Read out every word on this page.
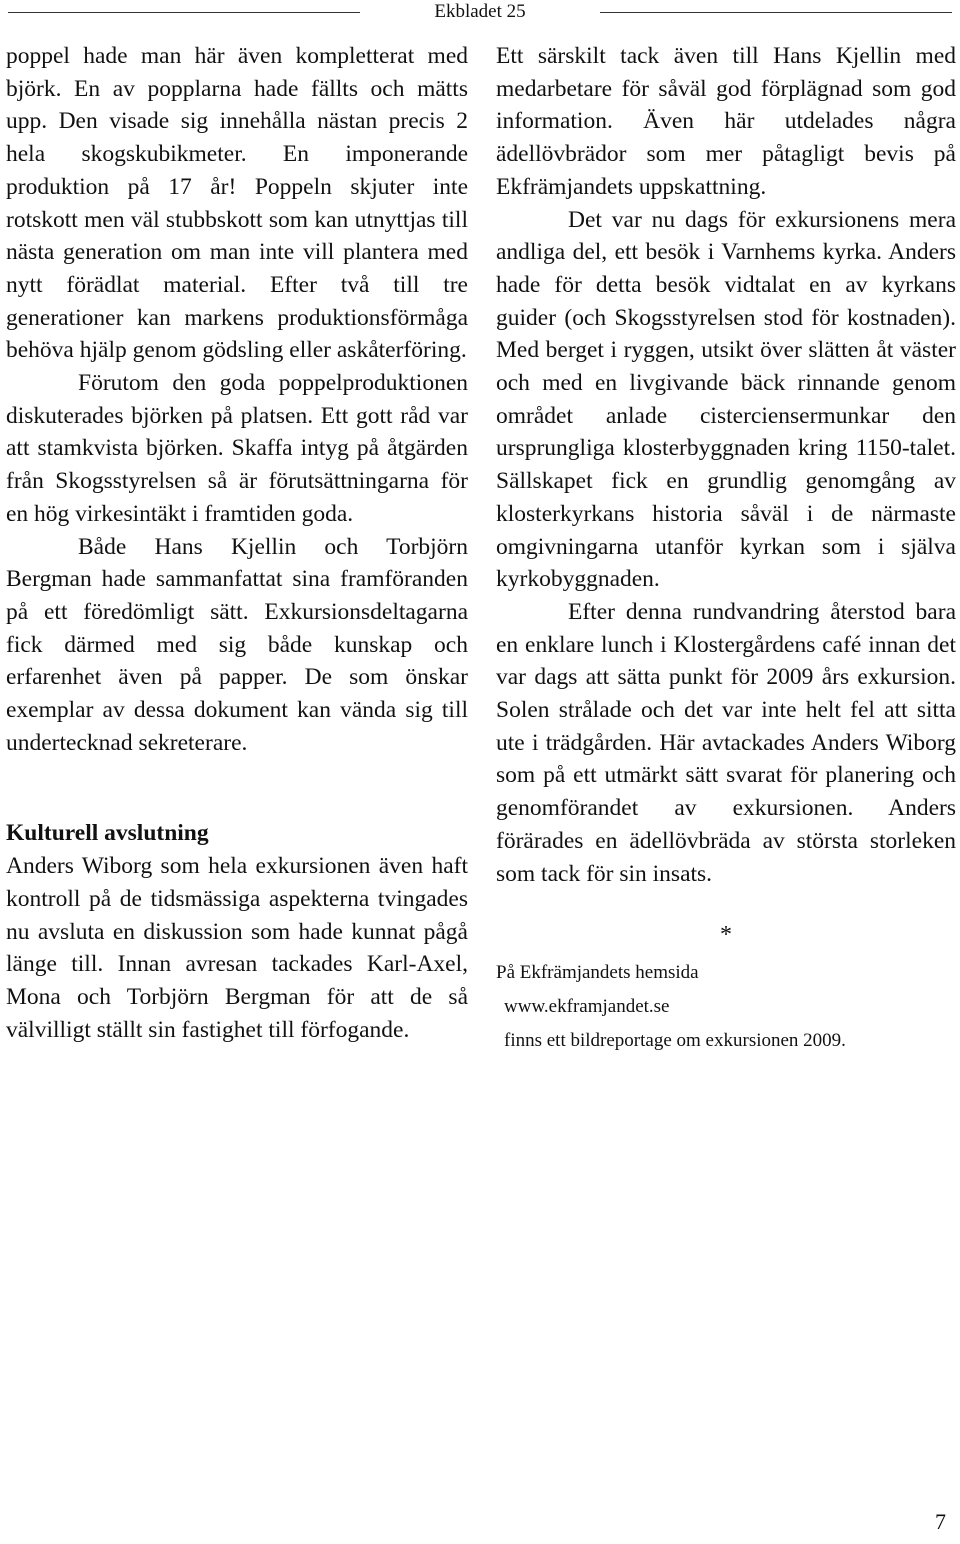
Ekbladet 25

poppel hade man här även kompletterat med björk. En av popplarna hade fällts och mätts upp. Den visade sig innehålla nästan precis 2 hela skogskubikmeter. En imponerande produktion på 17 år! Poppeln skjuter inte rotskott men väl stubbskott som kan utnyttjas till nästa generation om man inte vill plantera med nytt förädlat material. Efter två till tre generationer kan markens produktionsförmåga behöva hjälp genom gödsling eller askåterföring.

Förutom den goda poppelproduktionen diskuterades björken på platsen. Ett gott råd var att stamkvista björken. Skaffa intyg på åtgärden från Skogsstyrelsen så är förutsättningarna för en hög virkesintäkt i framtiden goda.

Både Hans Kjellin och Torbjörn Bergman hade sammanfattat sina framföranden på ett föredömligt sätt. Exkursionsdeltagarna fick därmed med sig både kunskap och erfarenhet även på papper. De som önskar exemplar av dessa dokument kan vända sig till undertecknad sekreterare.

Kulturell avslutning

Anders Wiborg som hela exkursionen även haft kontroll på de tidsmässiga aspekterna tvingades nu avsluta en diskussion som hade kunnat pågå länge till. Innan avresan tackades Karl-Axel, Mona och Torbjörn Bergman för att de så välvilligt ställt sin fastighet till förfogande.

Ett särskilt tack även till Hans Kjellin med medarbetare för såväl god förplägnad som god information. Även här utdelades några ädellövbrädor som mer påtagligt bevis på Ekfrämjandets uppskattning.

Det var nu dags för exkursionens mera andliga del, ett besök i Varnhems kyrka. Anders hade för detta besök vidtalat en av kyrkans guider (och Skogsstyrelsen stod för kostnaden). Med berget i ryggen, utsikt över slätten åt väster och med en livgivande bäck rinnande genom området anlade cisterciensermunkar den ursprungliga klosterbyggnaden kring 1150-talet. Sällskapet fick en grundlig genomgång av klosterkyrkans historia såväl i de närmaste omgivningarna utanför kyrkan som i själva kyrkobyggnaden.

Efter denna rundvandring återstod bara en enklare lunch i Klostergårdens café innan det var dags att sätta punkt för 2009 års exkursion. Solen strålade och det var inte helt fel att sitta ute i trädgården. Här avtackades Anders Wiborg som på ett utmärkt sätt svarat för planering och genomförandet av exkursionen. Anders förärades en ädellövbräda av största storleken som tack för sin insats.

*

På Ekfrämjandets hemsida

www.ekframjandet.se

finns ett bildreportage om exkursionen 2009.

7
